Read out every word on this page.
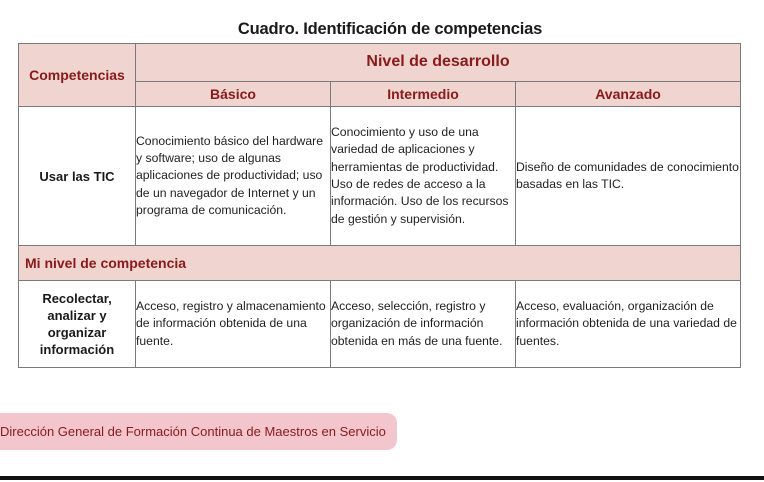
Cuadro. Identificación de competencias
Competencias	Nivel de desarrollo		
	Básico	Intermedio	Avanzado
Usar las TIC	Conocimiento básico del hardware y software; uso de algunas aplicaciones de productividad; uso de un navegador de Internet y un programa de comunicación.	Conocimiento y uso de una variedad de aplicaciones y herramientas de productividad. Uso de redes de acceso a la información. Uso de los recursos de gestión y supervisión.	Diseño de comunidades de conocimiento basadas en las TIC.
Mi nivel de competencia			
Recolectar, analizar y organizar información	Acceso, registro y almacenamiento de información obtenida de una fuente.	Acceso, selección, registro y organización de información obtenida en más de una fuente.	Acceso, evaluación, organización de información obtenida de una variedad de fuentes.
Dirección General de Formación Continua de Maestros en Servicio
